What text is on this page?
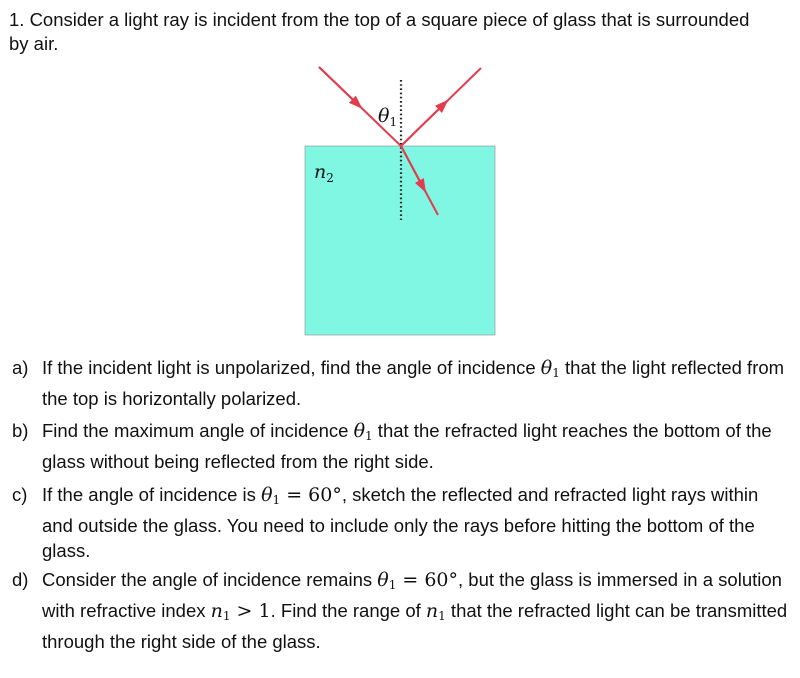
1. Consider a light ray is incident from the top of a square piece of glass that is surrounded by air.
$\theta_1$
$n_2$
a) If the incident light is unpolarized, find the angle of incidence $\theta_1$ that the light reflected from the top is horizontally polarized.
b) Find the maximum angle of incidence $\theta_1$ that the refracted light reaches the bottom of the glass without being reflected from the right side.
c) If the angle of incidence is $\theta_1 = 60^\circ$, sketch the reflected and refracted light rays within and outside the glass. You need to include only the rays before hitting the bottom of the glass.
d) Consider the angle of incidence remains $\theta_1 = 60^\circ$, but the glass is immersed in a solution with refractive index $n_1 > 1$. Find the range of $n_1$ that the refracted light can be transmitted through the right side of the glass.
